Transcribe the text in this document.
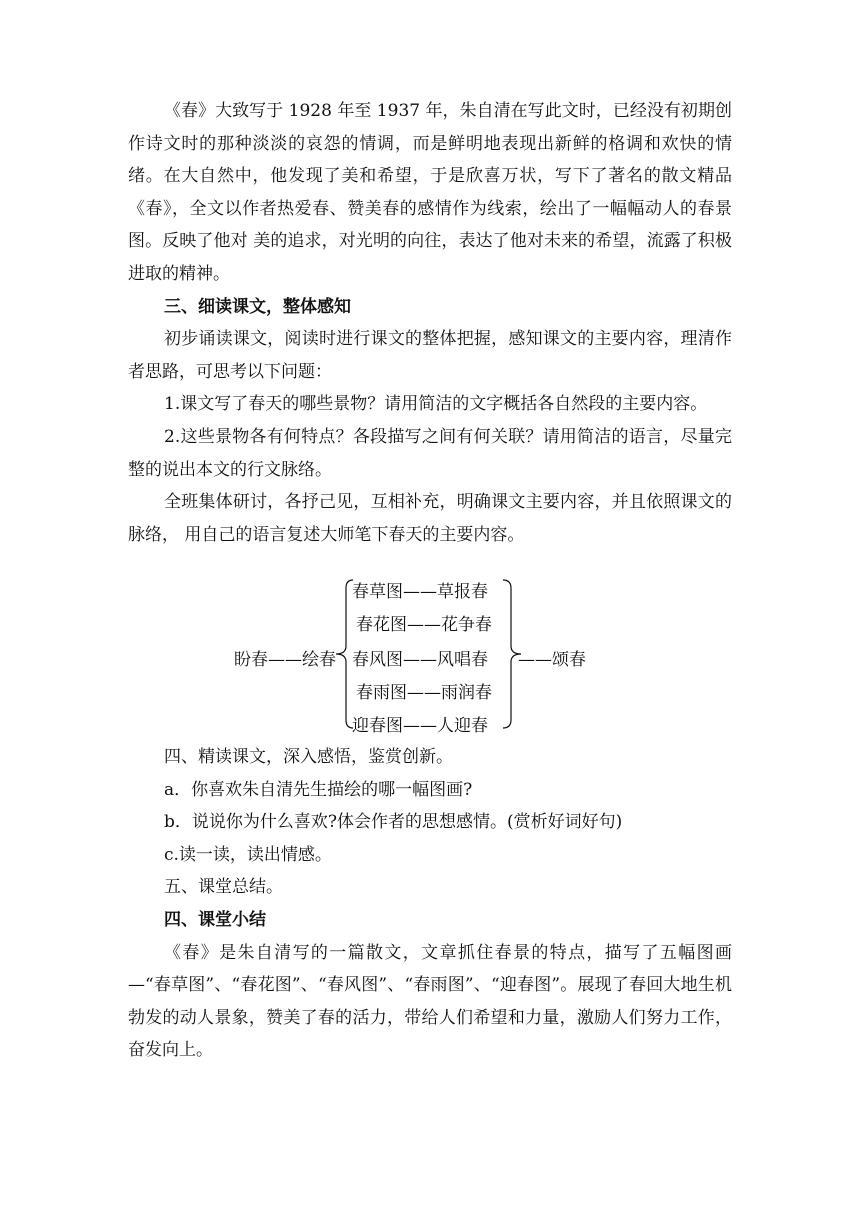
《春》大致写于 1928 年至 1937 年，朱自清在写此文时，已经没有初期创作诗文时的那种淡淡的哀怨的情调，而是鲜明地表现出新鲜的格调和欢快的情绪。在大自然中，他发现了美和希望，于是欣喜万状，写下了著名的散文精品《春》，全文以作者热爱春、赞美春的感情作为线索，绘出了一幅幅动人的春景图。反映了他对 美的追求，对光明的向往，表达了他对未来的希望，流露了积极进取的精神。

三、细读课文，整体感知

初步诵读课文，阅读时进行课文的整体把握，感知课文的主要内容，理清作者思路，可思考以下问题：

1.课文写了春天的哪些景物？请用简洁的文字概括各自然段的主要内容。

2.这些景物各有何特点？各段描写之间有何关联？请用简洁的语言，尽量完整的说出本文的行文脉络。

全班集体研讨，各抒己见，互相补充，明确课文主要内容，并且依照课文的脉络， 用自己的语言复述大师笔下春天的主要内容。

盼春——绘春
春草图——草报春
春花图——花争春
春风图——风唱春
春雨图——雨润春
迎春图——人迎春
——颂春

四、精读课文，深入感悟，鉴赏创新。

a．你喜欢朱自清先生描绘的哪一幅图画?

b．说说你为什么喜欢?体会作者的思想感情。(赏析好词好句)

c.读一读，读出情感。

五、课堂总结。

四、课堂小结

《春》是朱自清写的一篇散文，文章抓住春景的特点，描写了五幅图画—“春草图”、“春花图”、“春风图”、“春雨图”、“迎春图”。展现了春回大地生机勃发的动人景象，赞美了春的活力，带给人们希望和力量，激励人们努力工作，奋发向上。
